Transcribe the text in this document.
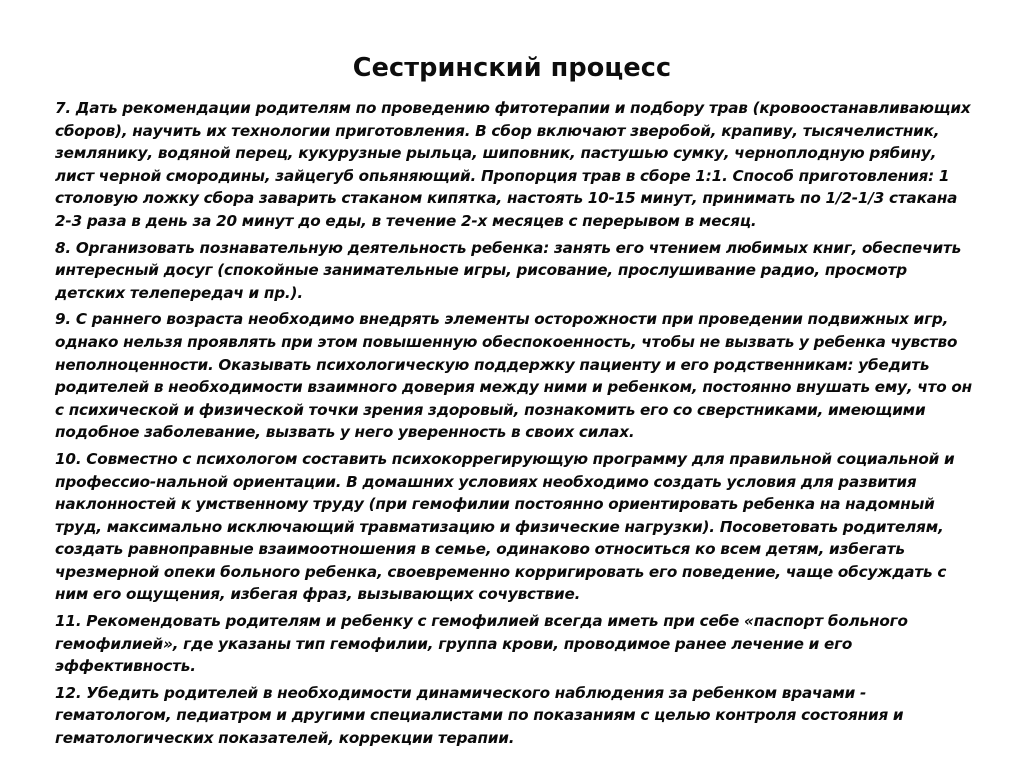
Сестринский процесс

7. Дать рекомендации родителям по проведению фитотерапии и подбору трав (кровоостанавливающих сборов), научить их технологии приготовления. В сбор включают зверобой, крапиву, тысячелистник, землянику, водяной перец, кукурузные рыльца, шиповник, пастушью сумку, черноплодную рябину, лист черной смородины, зайцегуб опьяняющий. Пропорция трав в сборе 1:1. Способ приготовления: 1 столовую ложку сбора заварить стаканом кипятка, настоять 10-15 минут, принимать по 1/2-1/3 стакана 2-3 раза в день за 20 минут до еды, в течение 2-х месяцев с перерывом в месяц.

8. Организовать познавательную деятельность ребенка: занять его чтением любимых книг, обеспечить интересный досуг (спокойные занимательные игры, рисование, прослушивание радио, просмотр детских телепередач и пр.).

9. С раннего возраста необходимо внедрять элементы осторожности при проведении подвижных игр, однако нельзя проявлять при этом повышенную обеспокоенность, чтобы не вызвать у ребенка чувство неполноценности. Оказывать психологическую поддержку пациенту и его родственникам: убедить родителей в необходимости взаимного доверия между ними и ребенком, постоянно внушать ему, что он с психической и физической точки зрения здоровый, познакомить его со сверстниками, имеющими подобное заболевание, вызвать у него уверенность в своих силах.

10. Совместно с психологом составить психокоррегирующую программу для правильной социальной и профессио-нальной ориентации. В домашних условиях необходимо создать условия для развития наклонностей к умственному труду (при гемофилии постоянно ориентировать ребенка на надомный труд, максимально исключающий травматизацию и физические нагрузки). Посоветовать родителям, создать равноправные взаимоотношения в семье, одинаково относиться ко всем детям, избегать чрезмерной опеки больного ребенка, своевременно корригировать его поведение, чаще обсуждать с ним его ощущения, избегая фраз, вызывающих сочувствие.

11. Рекомендовать родителям и ребенку с гемофилией всегда иметь при себе «паспорт больного гемофилией», где указаны тип гемофилии, группа крови, проводимое ранее лечение и его эффективность.

12. Убедить родителей в необходимости динамического наблюдения за ребенком врачами - гематологом, педиатром и другими специалистами по показаниям с целью контроля состояния и гематологических показателей, коррекции терапии.
